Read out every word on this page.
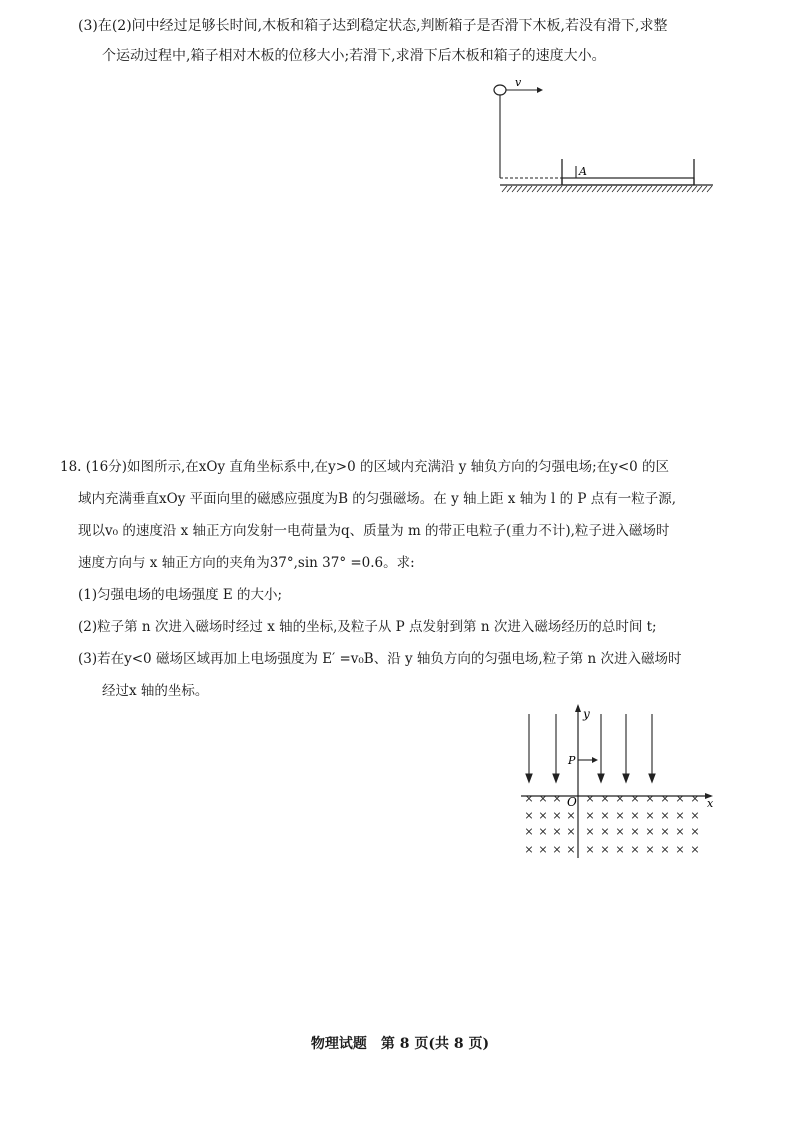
(3)在(2)问中经过足够长时间,木板和箱子达到稳定状态,判断箱子是否滑下木板,若没有滑下,求整
个运动过程中,箱子相对木板的位移大小;若滑下,求滑下后木板和箱子的速度大小。
v
A
18. (16分)如图所示,在xOy 直角坐标系中,在y>0 的区域内充满沿 y 轴负方向的匀强电场;在y<0 的区
域内充满垂直xOy 平面向里的磁感应强度为B 的匀强磁场。在 y 轴上距 x 轴为 l 的 P 点有一粒子源,
现以v₀ 的速度沿 x 轴正方向发射一电荷量为q、质量为 m 的带正电粒子(重力不计),粒子进入磁场时
速度方向与 x 轴正方向的夹角为37°,sin 37° =0.6。求:
(1)匀强电场的电场强度 E 的大小;
(2)粒子第 n 次进入磁场时经过 x 轴的坐标,及粒子从 P 点发射到第 n 次进入磁场经历的总时间 t;
(3)若在y<0 磁场区域再加上电场强度为 E′ =v₀B、沿 y 轴负方向的匀强电场,粒子第 n 次进入磁场时
经过x 轴的坐标。
y
x
O
P
× × × × × × × × × × ×
× × × × × × × × × × × ×
× × × × × × × × × × × ×
× × × × × × × × × × × ×
物理试题　第 8 页(共 8 页)
